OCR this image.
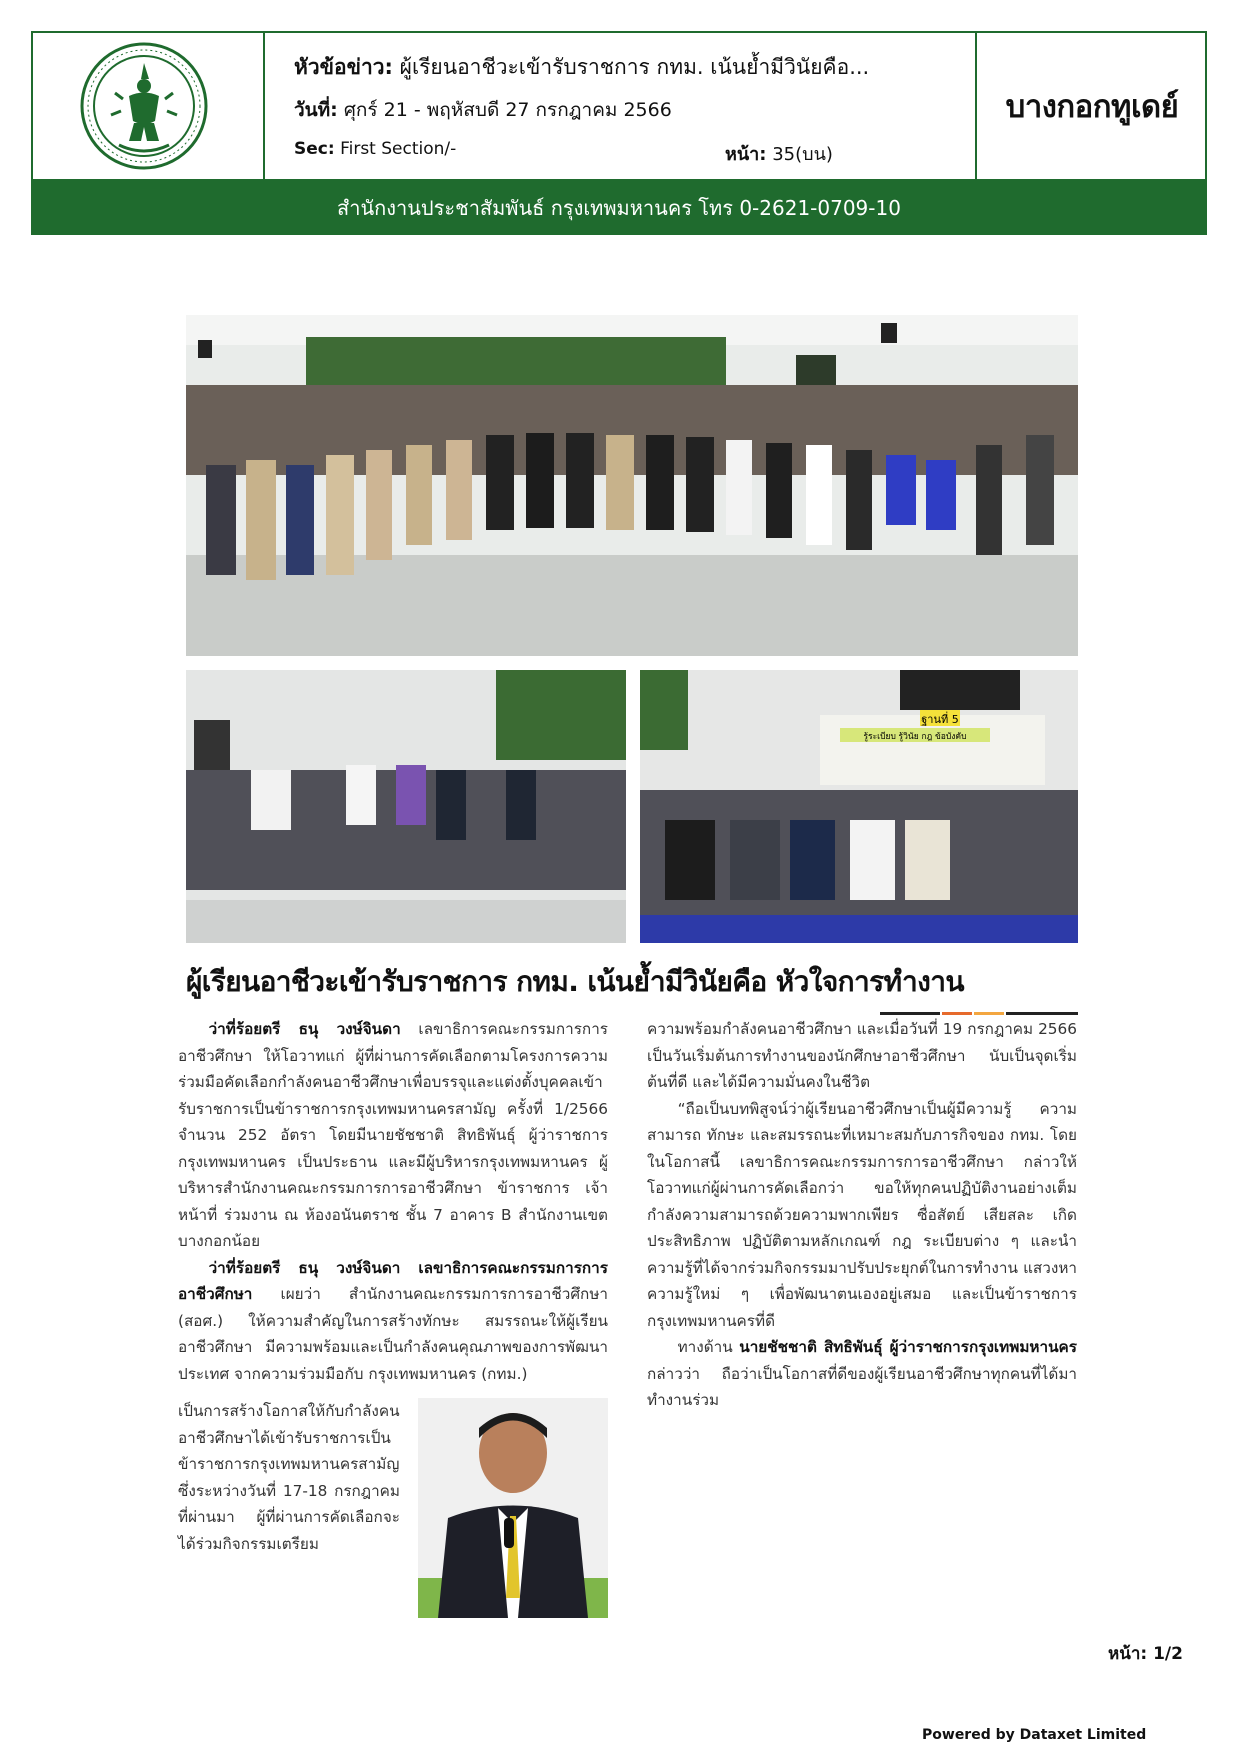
หัวข้อข่าว: ผู้เรียนอาชีวะเข้ารับราชการ กทม. เน้นย้ำมีวินัยคือ...
วันที่: ศุกร์ 21 - พฤหัสบดี 27 กรกฎาคม 2566
Sec: First Section/-	หน้า: 35(บน)
บางกอกทูเดย์
สำนักงานประชาสัมพันธ์ กรุงเทพมหานคร โทร 0-2621-0709-10
ฐานที่ 5
รู้ระเบียบ รู้วินัย กฎ ข้อบังคับ
ผู้เรียนอาชีวะเข้ารับราชการ กทม. เน้นย้ำมีวินัยคือ หัวใจการทำงาน

  ว่าที่ร้อยตรี ธนุ วงษ์จินดา เลขาธิการคณะกรรมการการอาชีวศึกษา ให้โอวาทแก่ ผู้ที่ผ่านการคัดเลือกตามโครงการความร่วมมือคัดเลือกกำลังคนอาชีวศึกษาเพื่อบรรจุและแต่งตั้งบุคคลเข้ารับราชการเป็นข้าราชการกรุงเทพมหานครสามัญ ครั้งที่ 1/2566 จำนวน 252 อัตรา โดยมีนายชัชชาติ สิทธิพันธุ์ ผู้ว่าราชการกรุงเทพมหานคร เป็นประธาน และมีผู้บริหารกรุงเทพมหานคร ผู้บริหารสำนักงานคณะกรรมการการอาชีวศึกษา ข้าราชการ เจ้าหน้าที่ ร่วมงาน ณ ห้องอนันตราช ชั้น 7 อาคาร B สำนักงานเขตบางกอกน้อย

  ว่าที่ร้อยตรี ธนุ วงษ์จินดา เลขาธิการคณะกรรมการการอาชีวศึกษา เผยว่า สำนักงานคณะกรรมการการอาชีวศึกษา (สอศ.) ให้ความสำคัญในการสร้างทักษะ สมรรถนะให้ผู้เรียนอาชีวศึกษา มีความพร้อมและเป็นกำลังคนคุณภาพของการพัฒนาประเทศ จากความร่วมมือกับ กรุงเทพมหานคร (กทม.)

เป็นการสร้างโอกาสให้กับกำลังคนอาชีวศึกษาได้เข้ารับราชการเป็นข้าราชการกรุงเทพมหานครสามัญ ซึ่งระหว่างวันที่ 17-18 กรกฎาคม ที่ผ่านมา ผู้ที่ผ่านการคัดเลือกจะได้ร่วมกิจกรรมเตรียม

ความพร้อมกำลังคนอาชีวศึกษา และเมื่อวันที่ 19 กรกฎาคม 2566 เป็นวันเริ่มต้นการทำงานของนักศึกษาอาชีวศึกษา นับเป็นจุดเริ่มต้นที่ดี และได้มีความมั่นคงในชีวิต

  “ถือเป็นบทพิสูจน์ว่าผู้เรียนอาชีวศึกษาเป็นผู้มีความรู้ ความสามารถ ทักษะ และสมรรถนะที่เหมาะสมกับภารกิจของ กทม. โดยในโอกาสนี้ เลขาธิการคณะกรรมการการอาชีวศึกษา กล่าวให้โอวาทแก่ผู้ผ่านการคัดเลือกว่า ขอให้ทุกคนปฏิบัติงานอย่างเต็มกำลังความสามารถด้วยความพากเพียร ซื่อสัตย์ เสียสละ เกิดประสิทธิภาพ ปฏิบัติตามหลักเกณฑ์ กฎ ระเบียบต่าง ๆ และนำความรู้ที่ได้จากร่วมกิจกรรมมาปรับประยุกต์ในการทำงาน แสวงหาความรู้ใหม่ ๆ เพื่อพัฒนาตนเองอยู่เสมอ และเป็นข้าราชการกรุงเทพมหานครที่ดี

  ทางด้าน นายชัชชาติ สิทธิพันธุ์ ผู้ว่าราชการกรุงเทพมหานคร กล่าวว่า ถือว่าเป็นโอกาสที่ดีของผู้เรียนอาชีวศึกษาทุกคนที่ได้มาทำงานร่วม

หน้า: 1/2
Powered by Dataxet Limited
